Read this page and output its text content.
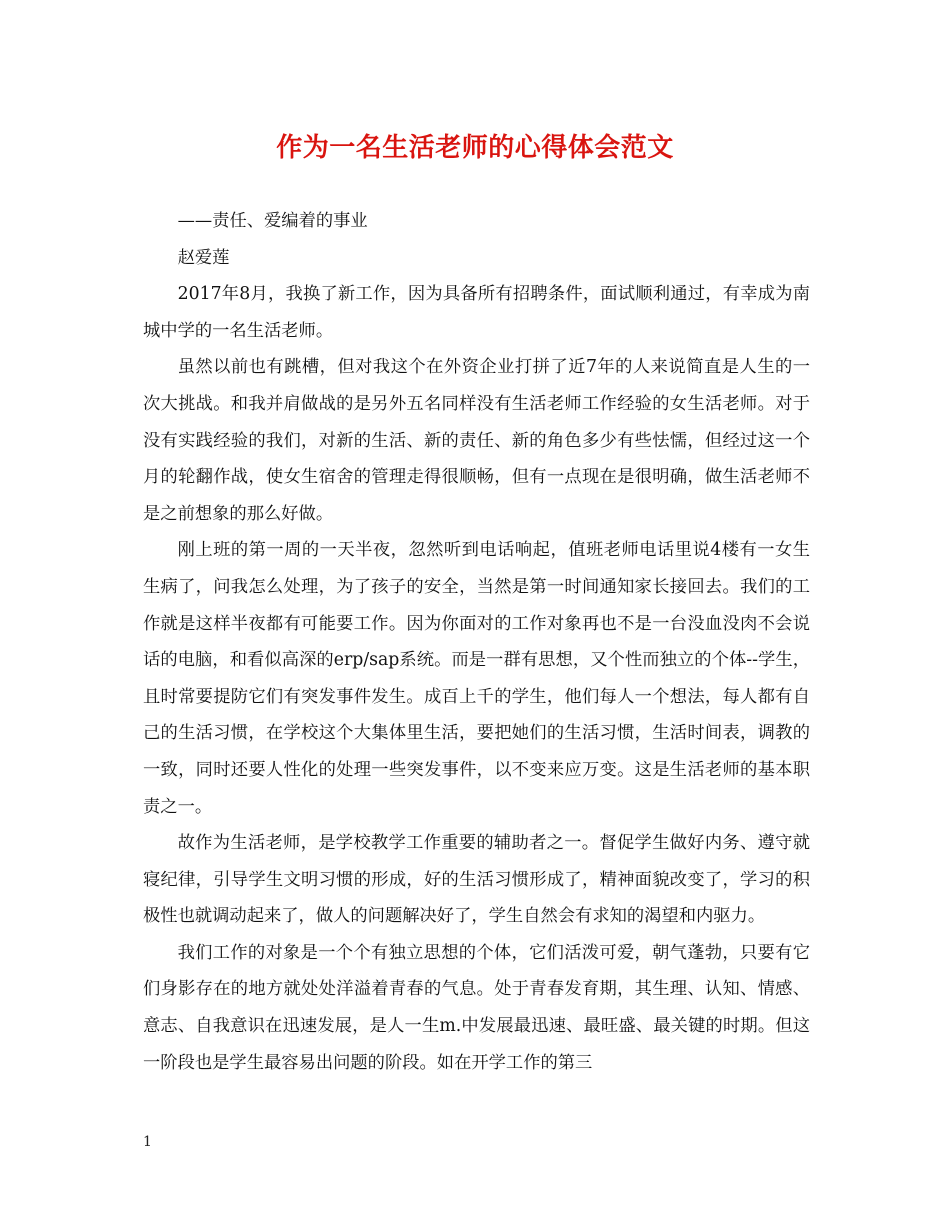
作为一名生活老师的心得体会范文

——责任、爱编着的事业

赵爱莲

2017年8月，我换了新工作，因为具备所有招聘条件，面试顺利通过，有幸成为南城中学的一名生活老师。

虽然以前也有跳槽，但对我这个在外资企业打拼了近7年的人来说简直是人生的一次大挑战。和我并肩做战的是另外五名同样没有生活老师工作经验的女生活老师。对于没有实践经验的我们，对新的生活、新的责任、新的角色多少有些怯懦，但经过这一个月的轮翻作战，使女生宿舍的管理走得很顺畅，但有一点现在是很明确，做生活老师不是之前想象的那么好做。

刚上班的第一周的一天半夜，忽然听到电话响起，值班老师电话里说4楼有一女生生病了，问我怎么处理，为了孩子的安全，当然是第一时间通知家长接回去。我们的工作就是这样半夜都有可能要工作。因为你面对的工作对象再也不是一台没血没肉不会说话的电脑，和看似高深的erp/sap系统。而是一群有思想，又个性而独立的个体--学生，且时常要提防它们有突发事件发生。成百上千的学生，他们每人一个想法，每人都有自己的生活习惯，在学校这个大集体里生活，要把她们的生活习惯，生活时间表，调教的一致，同时还要人性化的处理一些突发事件，以不变来应万变。这是生活老师的基本职责之一。

故作为生活老师，是学校教学工作重要的辅助者之一。督促学生做好内务、遵守就寝纪律，引导学生文明习惯的形成，好的生活习惯形成了，精神面貌改变了，学习的积极性也就调动起来了，做人的问题解决好了，学生自然会有求知的渴望和内驱力。

我们工作的对象是一个个有独立思想的个体，它们活泼可爱，朝气蓬勃，只要有它们身影存在的地方就处处洋溢着青春的气息。处于青春发育期，其生理、认知、情感、意志、自我意识在迅速发展，是人一生m.中发展最迅速、最旺盛、最关键的时期。但这一阶段也是学生最容易出问题的阶段。如在开学工作的第三

1
